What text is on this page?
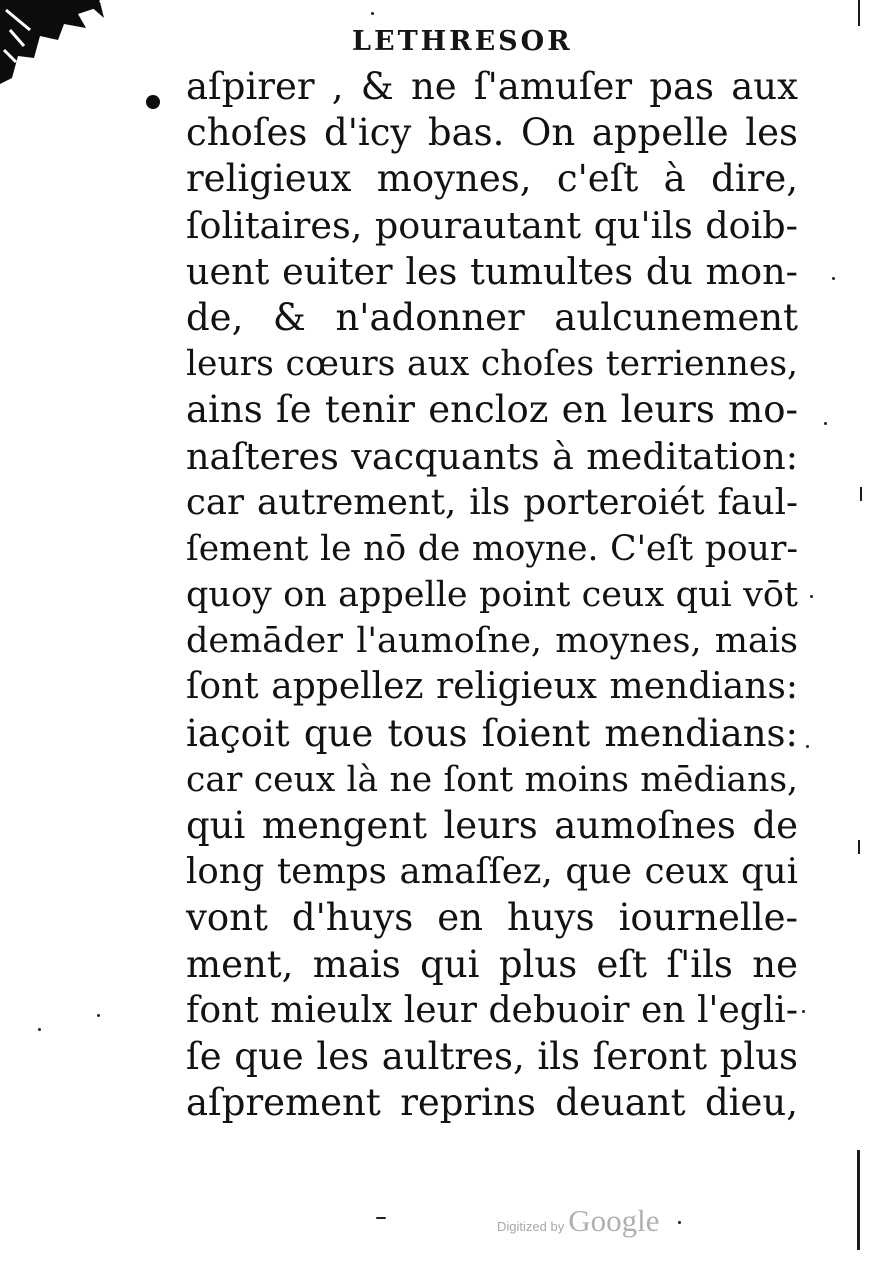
LETHRESOR
aſpirer , & ne ſ'amuſer pas aux
choſes d'icy bas. On appelle les
religieux moynes, c'eſt à dire,
ſolitaires, pourautant qu'ils doib-
uent euiter les tumultes du mon-
de, & n'adonner aulcunement
leurs cœurs aux choſes terriennes,
ains ſe tenir encloz en leurs mo-
naſteres vacquants à meditation:
car autrement, ils porteroiét faul-
ſement le nō de moyne. C'eſt pour-
quoy on appelle point ceux qui vōt
demāder l'aumoſne, moynes, mais
ſont appellez religieux mendians:
iaçoit que tous ſoient mendians:
car ceux là ne ſont moins mēdians,
qui mengent leurs aumoſnes de
long temps amaſſez, que ceux qui
vont d'huys en huys iournelle-
ment, mais qui plus eſt ſ'ils ne
font mieulx leur debuoir en l'egli-
ſe que les aultres, ils ſeront plus
aſprement reprins deuant dieu,
Digitized by Google
